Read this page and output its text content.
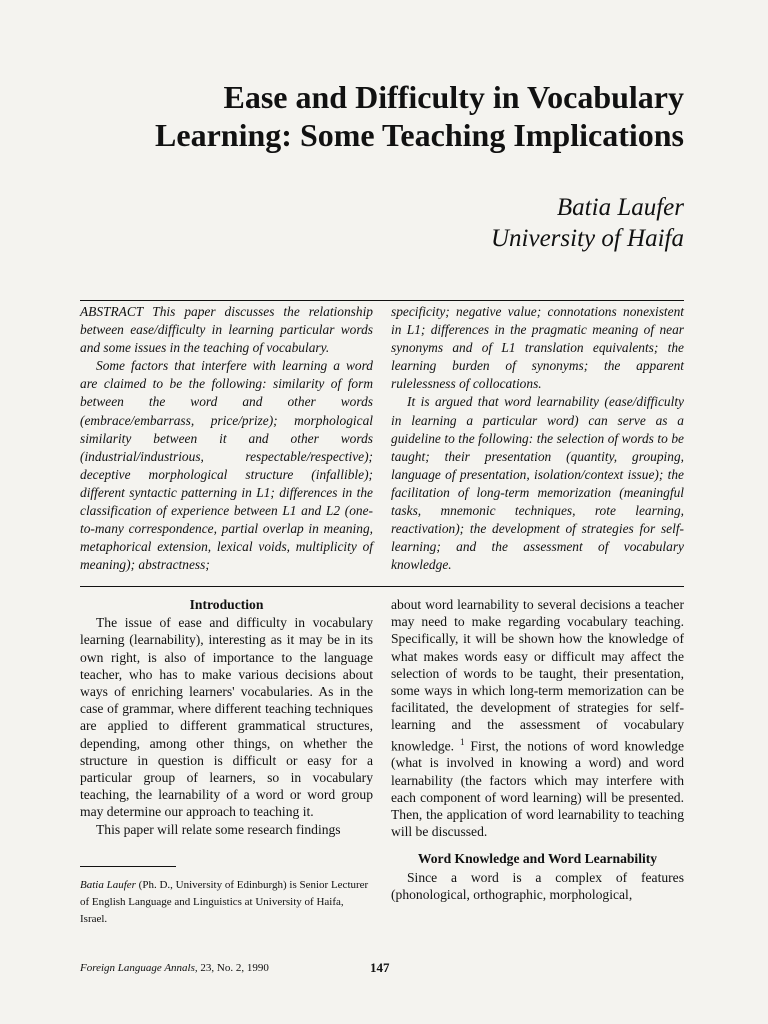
Ease and Difficulty in Vocabulary
Learning: Some Teaching Implications
Batia Laufer
University of Haifa

ABSTRACT This paper discusses the relationship between ease/difficulty in learning particular words and some issues in the teaching of vocabulary.

Some factors that interfere with learning a word are claimed to be the following: similarity of form between the word and other words (embrace/embarrass, price/prize); morphological similarity between it and other words (industrial/industrious, respectable/respective); deceptive morphological structure (infallible); different syntactic patterning in L1; differences in the classification of experience between L1 and L2 (one-to-many correspondence, partial overlap in meaning, metaphorical extension, lexical voids, multiplicity of meaning); abstractness;

specificity; negative value; connotations nonexistent in L1; differences in the pragmatic meaning of near synonyms and of L1 translation equivalents; the learning burden of synonyms; the apparent rulelessness of collocations.

It is argued that word learnability (ease/difficulty in learning a particular word) can serve as a guideline to the following: the selection of words to be taught; their presentation (quantity, grouping, language of presentation, isolation/context issue); the facilitation of long-term memorization (meaningful tasks, mnemonic techniques, rote learning, reactivation); the development of strategies for self-learning; and the assessment of vocabulary knowledge.

Introduction

The issue of ease and difficulty in vocabulary learning (learnability), interesting as it may be in its own right, is also of importance to the language teacher, who has to make various decisions about ways of enriching learners' vocabularies. As in the case of grammar, where different teaching techniques are applied to different grammatical structures, depending, among other things, on whether the structure in question is difficult or easy for a particular group of learners, so in vocabulary teaching, the learnability of a word or word group may determine our approach to teaching it.

This paper will relate some research findings

about word learnability to several decisions a teacher may need to make regarding vocabulary teaching. Specifically, it will be shown how the knowledge of what makes words easy or difficult may affect the selection of words to be taught, their presentation, some ways in which long-term memorization can be facilitated, the development of strategies for self-learning and the assessment of vocabulary knowledge. $^1$ First, the notions of word knowledge (what is involved in knowing a word) and word learnability (the factors which may interfere with each component of word learning) will be presented. Then, the application of word learnability to teaching will be discussed.

Word Knowledge and Word Learnability

Since a word is a complex of features (phonological, orthographic, morphological,

Batia Laufer (Ph. D., University of Edinburgh) is Senior Lecturer of English Language and Linguistics at University of Haifa, Israel.
Foreign Language Annals, 23, No. 2, 1990	147
